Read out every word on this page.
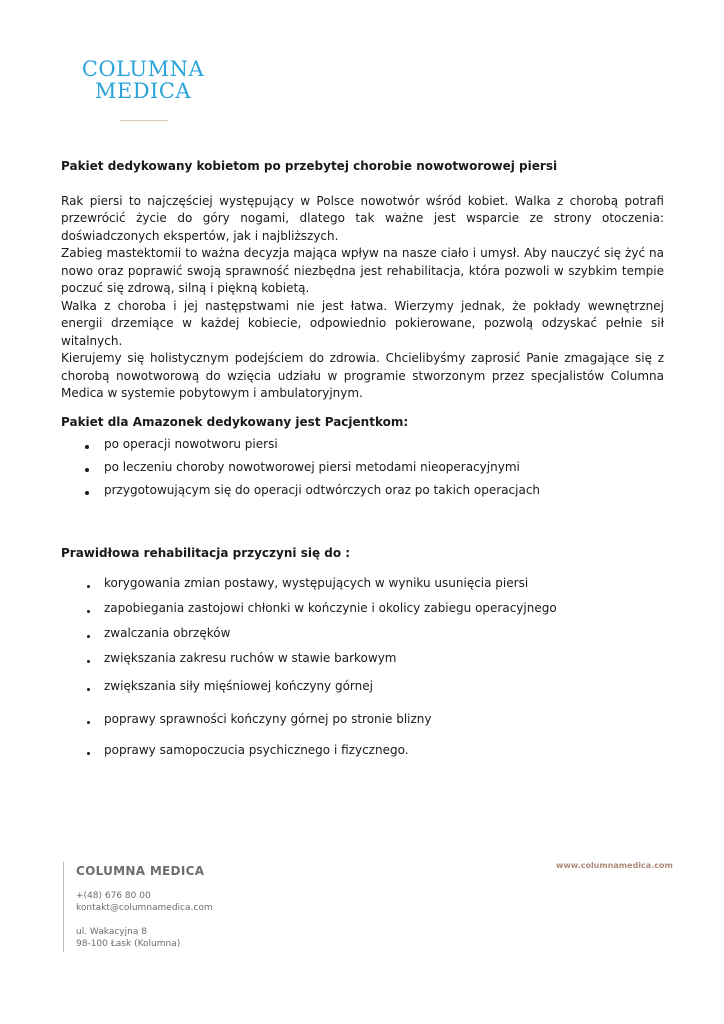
COLUMNA
MEDICA

Pakiet dedykowany kobietom po przebytej chorobie nowotworowej piersi

Rak piersi to najczęściej występujący w Polsce nowotwór wśród kobiet. Walka z chorobą potrafi przewrócić życie do góry nogami, dlatego tak ważne jest wsparcie ze strony otoczenia: doświadczonych ekspertów, jak i najbliższych.

Zabieg mastektomii to ważna decyzja mająca wpływ na nasze ciało i umysł. Aby nauczyć się żyć na nowo oraz poprawić swoją sprawność niezbędna jest rehabilitacja, która pozwoli w szybkim tempie poczuć się zdrową, silną i piękną kobietą.

Walka z choroba i jej następstwami nie jest łatwa. Wierzymy jednak, że pokłady wewnętrznej energii drzemiące w każdej kobiecie, odpowiednio pokierowane, pozwolą odzyskać pełnie sił witalnych.

Kierujemy się holistycznym podejściem do zdrowia. Chcielibyśmy zaprosić Panie zmagające się z chorobą nowotworową do wzięcia udziału w programie stworzonym przez specjalistów Columna Medica w systemie pobytowym i ambulatoryjnym.

Pakiet dla Amazonek dedykowany jest Pacjentkom:

po operacji nowotworu piersi
po leczeniu choroby nowotworowej piersi metodami nieoperacyjnymi
przygotowującym się do operacji odtwórczych oraz po takich operacjach

Prawidłowa rehabilitacja przyczyni się do :

korygowania zmian postawy, występujących w wyniku usunięcia piersi
zapobiegania zastojowi chłonki w kończynie i okolicy zabiegu operacyjnego
zwalczania obrzęków
zwiększania zakresu ruchów w stawie barkowym
zwiększania siły mięśniowej kończyny górnej
poprawy sprawności kończyny górnej po stronie blizny
poprawy samopoczucia psychicznego i fizycznego.
COLUMNA MEDICA
+(48) 676 80 00
kontakt@columnamedica.com
ul. Wakacyjna 8
98-100 Łask (Kolumna)
www.columnamedica.com
